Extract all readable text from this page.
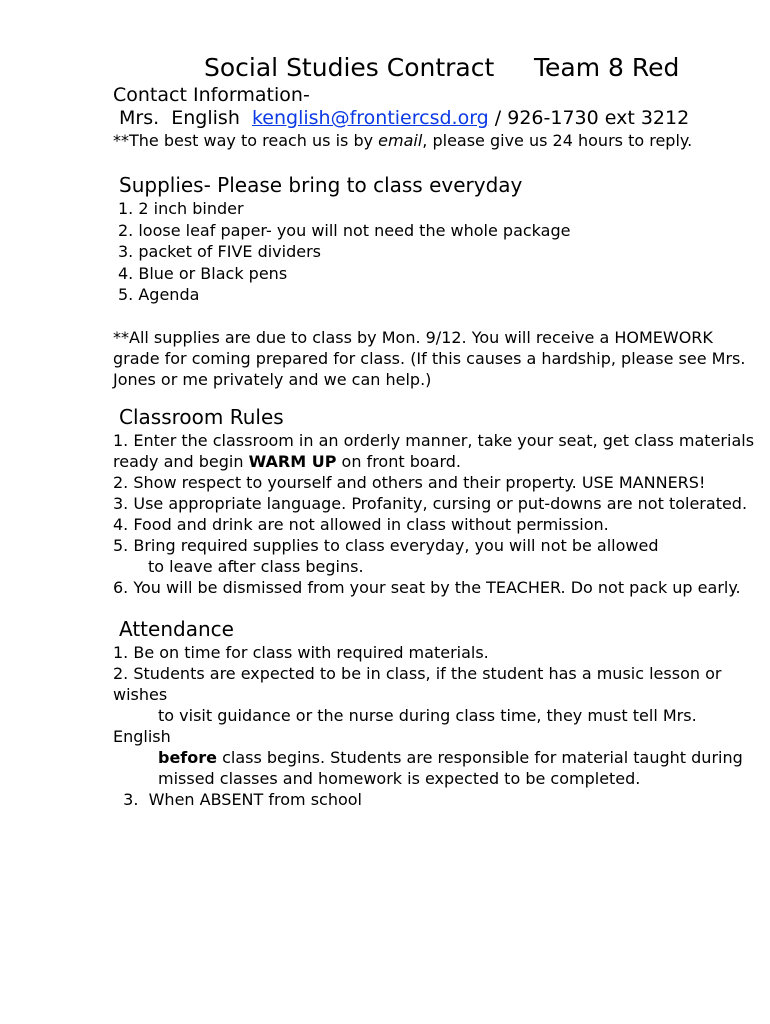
Social Studies Contract     Team 8 Red

Contact Information-

Mrs.  English  kenglish@frontiercsd.org / 926-1730 ext 3212

**The best way to reach us is by email, please give us 24 hours to reply.

Supplies- Please bring to class everyday
1. 2 inch binder
2. loose leaf paper- you will not need the whole package
3. packet of FIVE dividers
4. Blue or Black pens
5. Agenda

**All supplies are due to class by Mon. 9/12. You will receive a HOMEWORK grade for coming prepared for class. (If this causes a hardship, please see Mrs. Jones or me privately and we can help.)

Classroom Rules

1. Enter the classroom in an orderly manner, take your seat, get class materials ready and begin WARM UP on front board.

2. Show respect to yourself and others and their property. USE MANNERS!

3. Use appropriate language. Profanity, cursing or put-downs are not tolerated.

4. Food and drink are not allowed in class without permission.

5. Bring required supplies to class everyday, you will not be allowed

to leave after class begins.

6. You will be dismissed from your seat by the TEACHER. Do not pack up early.

Attendance

1. Be on time for class with required materials.

2. Students are expected to be in class, if the student has a music lesson or wishes

to visit guidance or the nurse during class time, they must tell Mrs. English

before class begins. Students are responsible for material taught during

missed classes and homework is expected to be completed.

3.  When ABSENT from school
